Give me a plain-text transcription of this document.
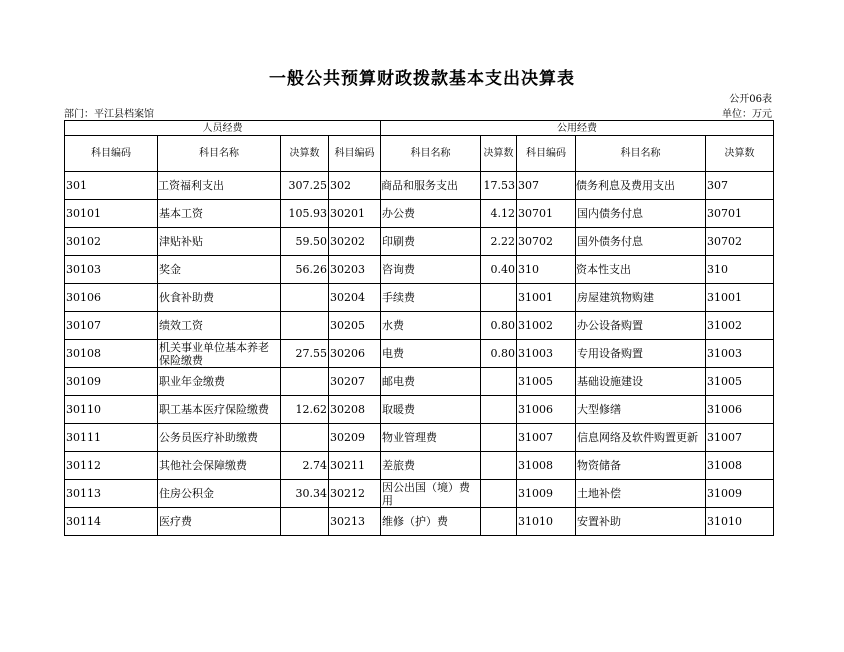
一般公共预算财政拨款基本支出决算表
公开06表
部门：平江县档案馆	单位：万元
人员经费				公用经费				
科目编码	科目名称	决算数	科目编码	科目名称	决算数	科目编码	科目名称	决算数
301	工资福利支出	307.25	302	商品和服务支出	17.53	307	债务利息及费用支出	307
30101	基本工资	105.93	30201	办公费	4.12	30701	国内债务付息	30701
30102	津贴补贴	59.50	30202	印刷费	2.22	30702	国外债务付息	30702
30103	奖金	56.26	30203	咨询费	0.40	310	资本性支出	310
30106	伙食补助费		30204	手续费		31001	房屋建筑物购建	31001
30107	绩效工资		30205	水费	0.80	31002	办公设备购置	31002
30108	机关事业单位基本养老保险缴费	27.55	30206	电费	0.80	31003	专用设备购置	31003
30109	职业年金缴费		30207	邮电费		31005	基础设施建设	31005
30110	职工基本医疗保险缴费	12.62	30208	取暖费		31006	大型修缮	31006
30111	公务员医疗补助缴费		30209	物业管理费		31007	信息网络及软件购置更新	31007
30112	其他社会保障缴费	2.74	30211	差旅费		31008	物资储备	31008
30113	住房公积金	30.34	30212	因公出国（境）费用		31009	土地补偿	31009
30114	医疗费		30213	维修（护）费		31010	安置补助	31010
